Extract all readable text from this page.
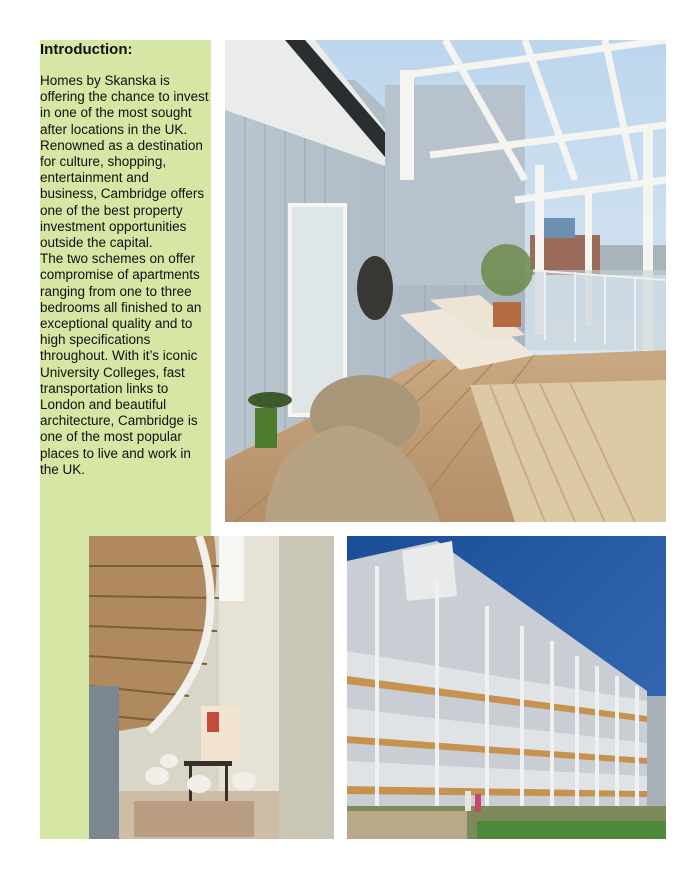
Introduction:

Homes by Skanska is offering the chance to invest in one of the most sought after locations in the UK. Renowned as a destination for culture, shopping, entertainment and business, Cambridge offers one of the best property investment opportunities outside the capital.

The two schemes on offer compromise of apartments ranging from one to three bedrooms all finished to an exceptional quality and to high specifications throughout. With it’s iconic University Colleges, fast transportation links to London and beautiful architecture, Cambridge is one of the most popular places to live and work in the UK.
